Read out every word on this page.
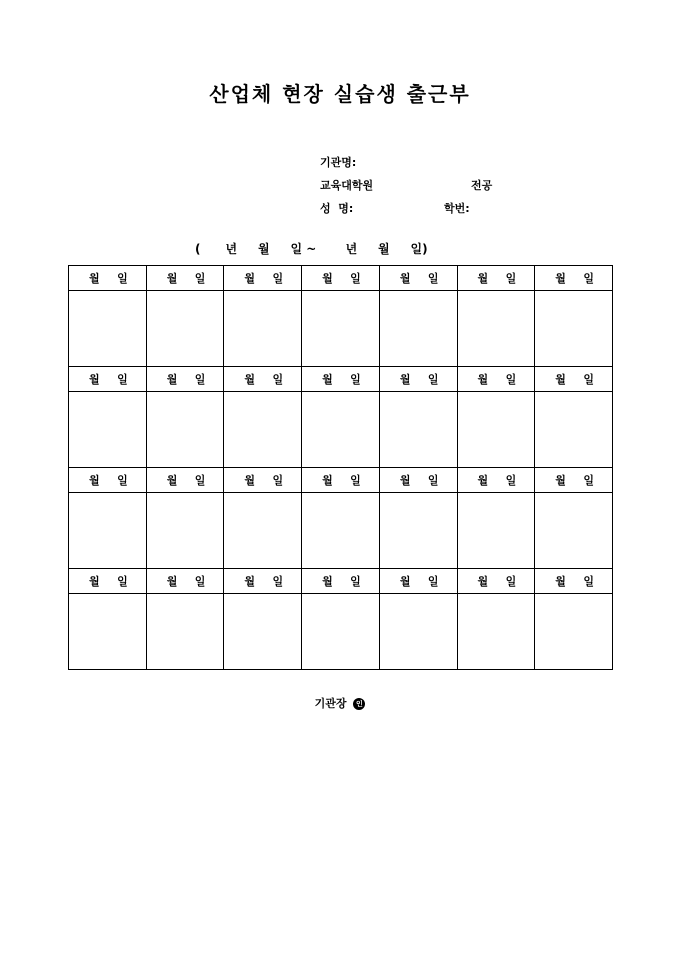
산업체 현장 실습생 출근부
기관명:
교육대학원	전공
성  명:	학번:
(      년     월     일 ~       년     월     일)
월 일	월 일	월 일	월 일	월 일	월 일	월 일

월 일	월 일	월 일	월 일	월 일	월 일	월 일

월 일	월 일	월 일	월 일	월 일	월 일	월 일

월 일	월 일	월 일	월 일	월 일	월 일	월 일

기관장 인
